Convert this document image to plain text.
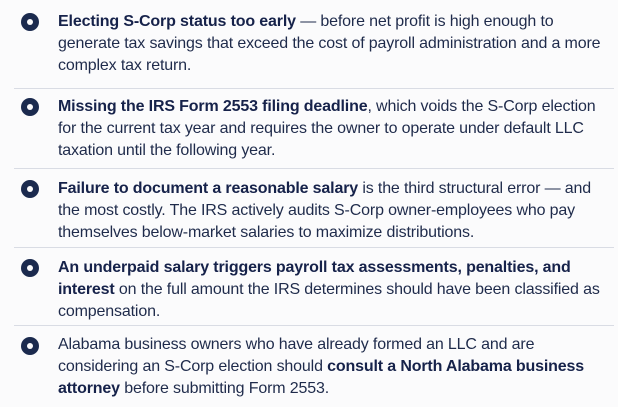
Electing S-Corp status too early — before net profit is high enough to generate tax savings that exceed the cost of payroll administration and a more complex tax return.
Missing the IRS Form 2553 filing deadline, which voids the S-Corp election for the current tax year and requires the owner to operate under default LLC taxation until the following year.
Failure to document a reasonable salary is the third structural error — and the most costly. The IRS actively audits S-Corp owner-employees who pay themselves below-market salaries to maximize distributions.
An underpaid salary triggers payroll tax assessments, penalties, and interest on the full amount the IRS determines should have been classified as compensation.
Alabama business owners who have already formed an LLC and are considering an S-Corp election should consult a North Alabama business attorney before submitting Form 2553.
